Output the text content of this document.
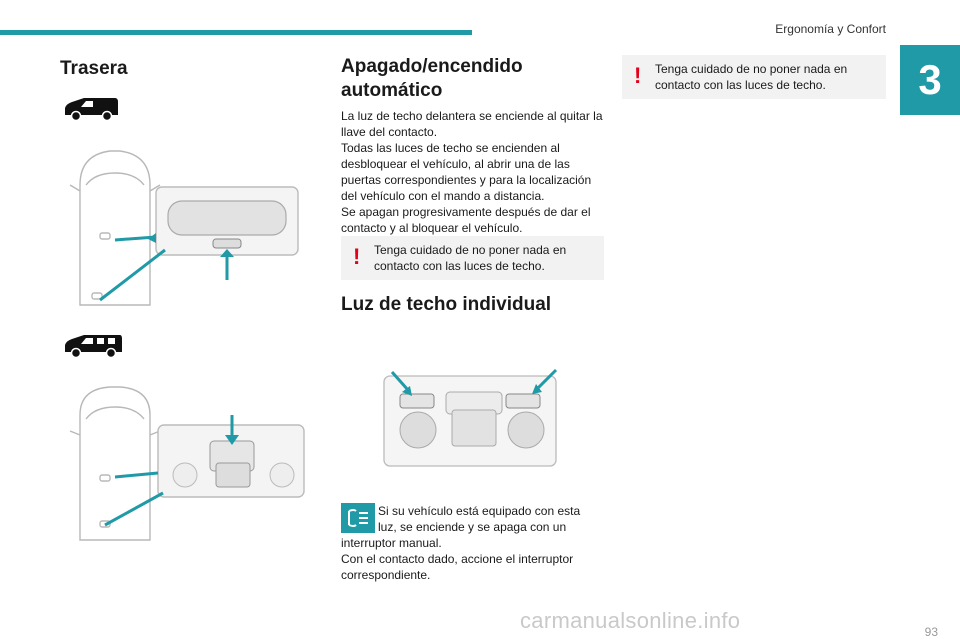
Ergonomía y Confort
3
Trasera	Apagado/encendido automático
La luz de techo delantera se enciende al quitar la llave del contacto.
Todas las luces de techo se encienden al desbloquear el vehículo, al abrir una de las puertas correspondientes y para la localización del vehículo con el mando a distancia.
Se apagan progresivamente después de dar el contacto y al bloquear el vehículo.
! Tenga cuidado de no poner nada en contacto con las luces de techo.
Luz de techo individual
Si su vehículo está equipado con esta
luz, se enciende y se apaga con un
interruptor manual.
Con el contacto dado, accione el interruptor correspondiente.
! Tenga cuidado de no poner nada en contacto con las luces de techo.
93
carmanualsonline.info
